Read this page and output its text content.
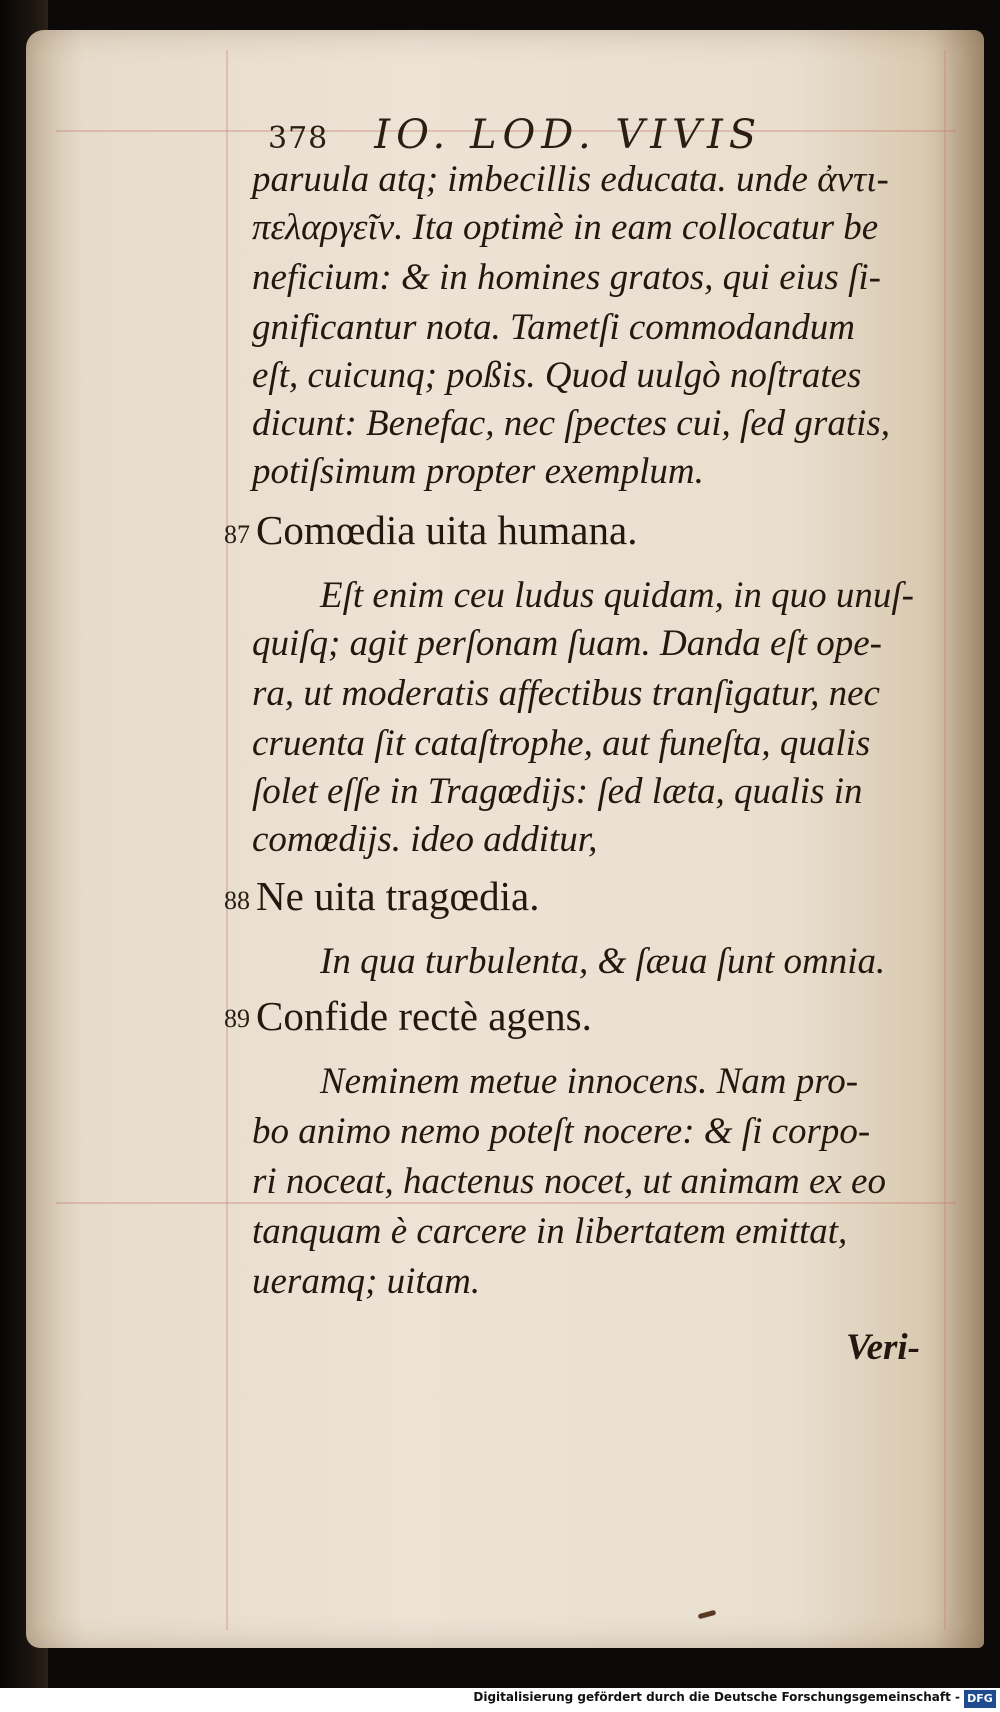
378 IO. LOD. VIVIS
paruula atq; imbecillis educata. unde ἀντι-
πελαργεῖν. Ita optimè in eam collocatur be
neficium: & in homines gratos, qui eius ſi-
gnificantur nota. Tametſi commodandum
eſt, cuicunq; poßis. Quod uulgò noſtrates
dicunt: Benefac, nec ſpectes cui, ſed gratis,
potiſsimum propter exemplum.
87 Comœdia uita humana.
Eſt enim ceu ludus quidam, in quo unuſ-
quiſq; agit perſonam ſuam. Danda eſt ope-
ra, ut moderatis affectibus tranſigatur, nec
cruenta ſit cataſtrophe, aut funeſta, qualis
ſolet eſſe in Tragœdijs: ſed læta, qualis in
comœdijs. ideo additur,
88 Ne uita tragœdia.
In qua turbulenta, & ſæua ſunt omnia.
89 Confide rectè agens.
Neminem metue innocens. Nam pro-
bo animo nemo poteſt nocere: & ſi corpo-
ri noceat, hactenus nocet, ut animam ex eo
tanquam è carcere in libertatem emittat,
ueramq; uitam.
Veri-
Digitalisierung gefördert durch die Deutsche Forschungsgemeinschaft - DFG
